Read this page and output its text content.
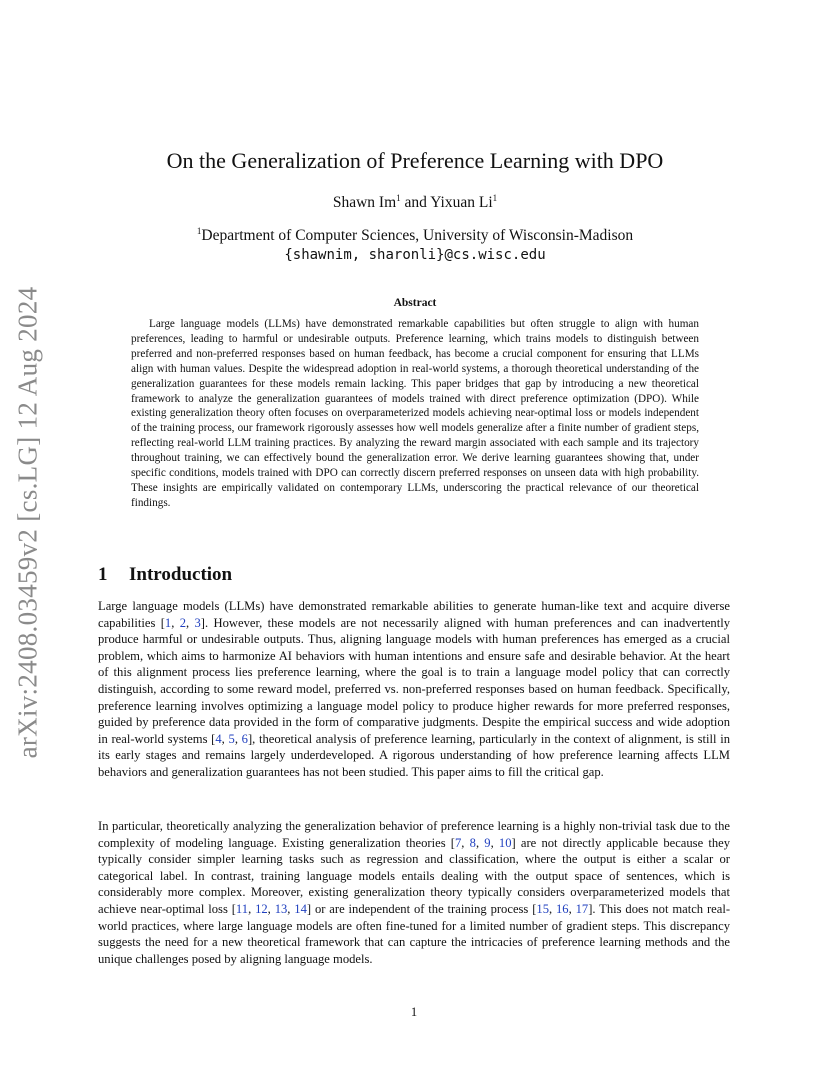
arXiv:2408.03459v2 [cs.LG] 12 Aug 2024
On the Generalization of Preference Learning with DPO
Shawn Im$^1$ and Yixuan Li$^1$
$^1$Department of Computer Sciences, University of Wisconsin-Madison
{shawnim, sharonli}@cs.wisc.edu
Abstract

Large language models (LLMs) have demonstrated remarkable capabilities but often struggle to align with human preferences, leading to harmful or undesirable outputs. Preference learning, which trains models to distinguish between preferred and non-preferred responses based on human feedback, has become a crucial component for ensuring that LLMs align with human values. Despite the widespread adoption in real-world systems, a thorough theoretical understanding of the generalization guarantees for these models remain lacking. This paper bridges that gap by introducing a new theoretical framework to analyze the generalization guarantees of models trained with direct preference optimization (DPO). While existing generalization theory often focuses on overparameterized models achieving near-optimal loss or models independent of the training process, our framework rigorously assesses how well models generalize after a finite number of gradient steps, reflecting real-world LLM training practices. By analyzing the reward margin associated with each sample and its trajectory throughout training, we can effectively bound the generalization error. We derive learning guarantees showing that, under specific conditions, models trained with DPO can correctly discern preferred responses on unseen data with high probability. These insights are empirically validated on contemporary LLMs, underscoring the practical relevance of our theoretical findings.

1 Introduction

Large language models (LLMs) have demonstrated remarkable abilities to generate human-like text and acquire diverse capabilities [1, 2, 3]. However, these models are not necessarily aligned with human preferences and can inadvertently produce harmful or undesirable outputs. Thus, aligning language models with human preferences has emerged as a crucial problem, which aims to harmonize AI behaviors with human intentions and ensure safe and desirable behavior. At the heart of this alignment process lies preference learning, where the goal is to train a language model policy that can correctly distinguish, according to some reward model, preferred vs. non-preferred responses based on human feedback. Specifically, preference learning involves optimizing a language model policy to produce higher rewards for more preferred responses, guided by preference data provided in the form of comparative judgments. Despite the empirical success and wide adoption in real-world systems [4, 5, 6], theoretical analysis of preference learning, particularly in the context of alignment, is still in its early stages and remains largely underdeveloped. A rigorous understanding of how preference learning affects LLM behaviors and generalization guarantees has not been studied. This paper aims to fill the critical gap.

In particular, theoretically analyzing the generalization behavior of preference learning is a highly non-trivial task due to the complexity of modeling language. Existing generalization theories [7, 8, 9, 10] are not directly applicable because they typically consider simpler learning tasks such as regression and classification, where the output is either a scalar or categorical label. In contrast, training language models entails dealing with the output space of sentences, which is considerably more complex. Moreover, existing generalization theory typically considers overparameterized models that achieve near-optimal loss [11, 12, 13, 14] or are independent of the training process [15, 16, 17]. This does not match real-world practices, where large language models are often fine-tuned for a limited number of gradient steps. This discrepancy suggests the need for a new theoretical framework that can capture the intricacies of preference learning methods and the unique challenges posed by aligning language models.

1
